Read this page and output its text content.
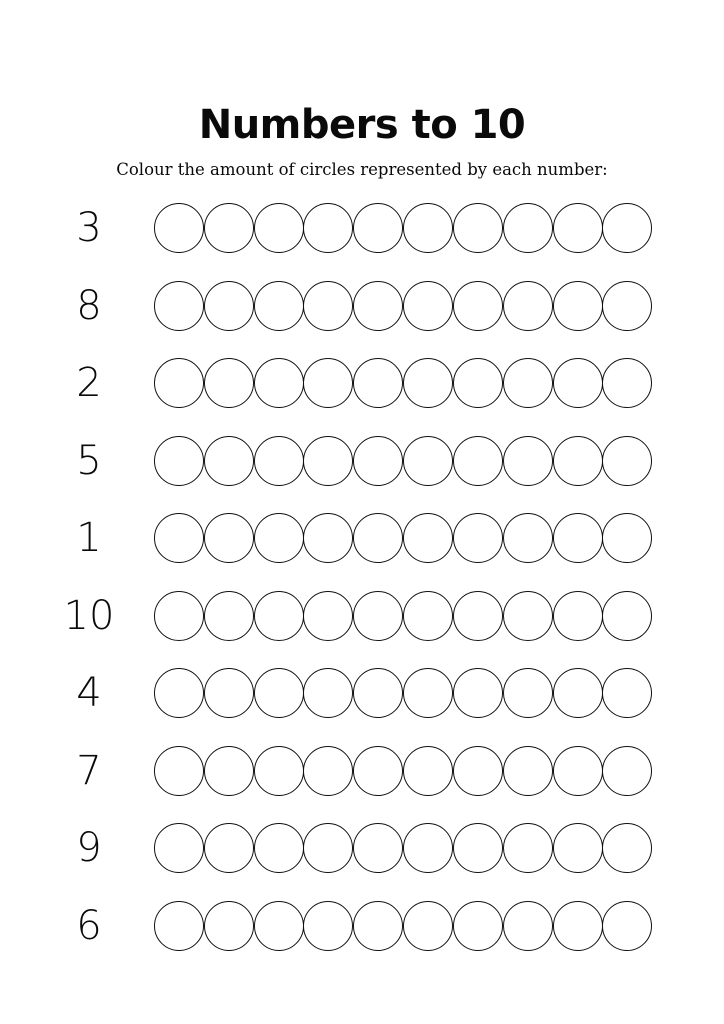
Numbers to 10

Colour the amount of circles represented by each number:

3
8
2
5
1
10
4
7
9
6
